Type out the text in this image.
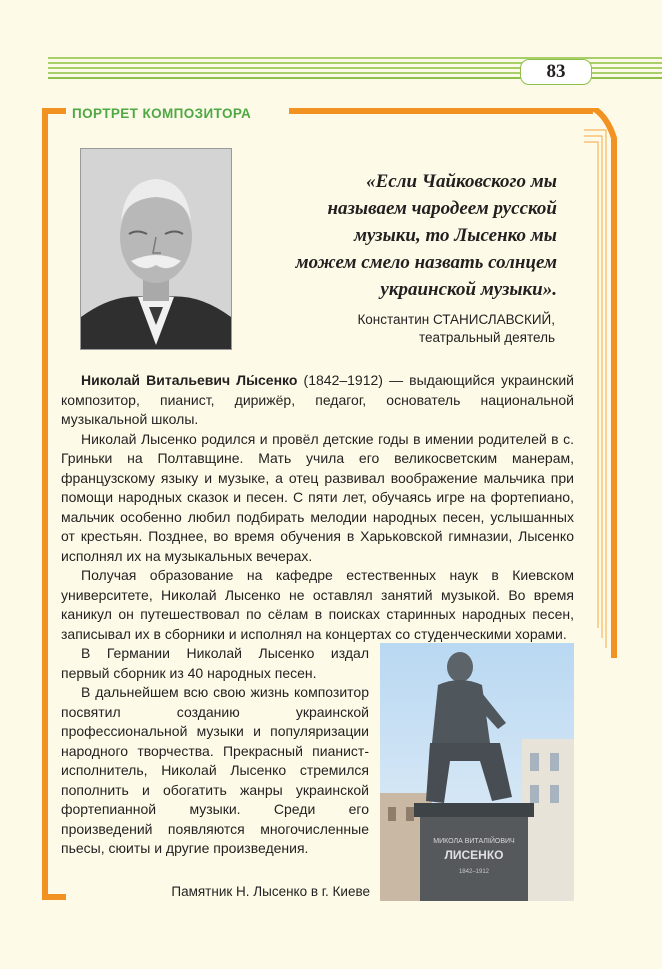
83
ПОРТРЕТ КОМПОЗИТОРА
«Если Чайковского мы
называем чародеем русской
музыки, то Лысенко мы
можем смело назвать солнцем
украинской музыки».
Константин СТАНИСЛАВСКИЙ,
театральный деятель

Николай Витальевич Лы́сенко (1842–1912) — выдающийся украинский композитор, пианист, дирижёр, педагог, основатель национальной музыкальной школы.

Николай Лысенко родился и провёл детские годы в имении родителей в с. Гриньки на Полтавщине. Мать учила его великосветским манерам, французскому языку и музыке, а отец развивал воображение мальчика при помощи народных сказок и песен. С пяти лет, обучаясь игре на фортепиано, мальчик особенно любил подбирать мелодии народных песен, услышанных от крестьян. Позднее, во время обучения в Харьковской гимназии, Лысенко исполнял их на музыкальных вечерах.

Получая образование на кафедре естественных наук в Киевском университете, Николай Лысенко не оставлял занятий музыкой. Во время каникул он путешествовал по сёлам в поисках старинных народных песен, записывал их в сборники и исполнял на концертах со студенческими хорами.

В Германии Николай Лысенко издал первый сборник из 40 народных песен.

В дальнейшем всю свою жизнь композитор посвятил созданию украинской профессиональной музыки и популяризации народного творчества. Прекрасный пианист-исполнитель, Николай Лысенко стремился пополнить и обогатить жанры украинской фортепианной музыки. Среди его произведений появляются многочисленные пьесы, сюиты и другие произведения.	МИКОЛА ВИТАЛІЙОВИЧ
ЛИСЕНКО
1842–1912
Памятник Н. Лысенко в г. Киеве
